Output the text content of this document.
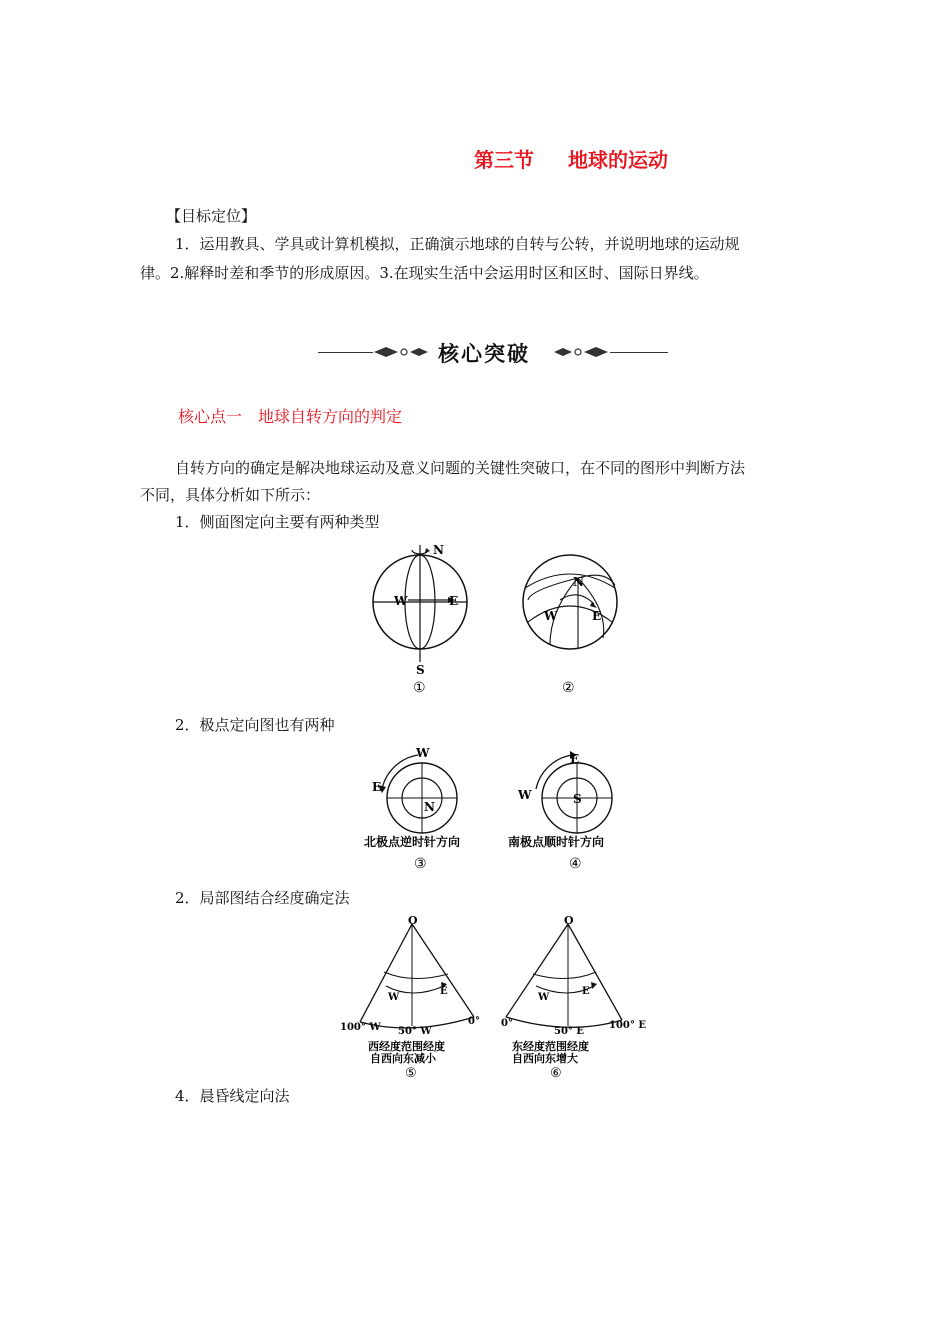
第三节 地球的运动
【目标定位】
1．运用教具、学具或计算机模拟，正确演示地球的自转与公转，并说明地球的运动规
律。2.解释时差和季节的形成原因。3.在现实生活中会运用时区和区时、国际日界线。
核心突破
核心点一　地球自转方向的判定
自转方向的确定是解决地球运动及意义问题的关键性突破口，在不同的图形中判断方法
不同，具体分析如下所示：
1．侧面图定向主要有两种类型
N
S
W	E
①
N
W	E
②
2．极点定向图也有两种
W
E
N
北极点逆时针方向
③
E
W	S
南极点顺时针方向
④
2．局部图结合经度确定法
O
W
E
100° W 50° W
0°
西经度范围经度
自西向东减小
⑤
O
W
E
0°
50° E
100° E
东经度范围经度
自西向东增大
⑥
4．晨昏线定向法
